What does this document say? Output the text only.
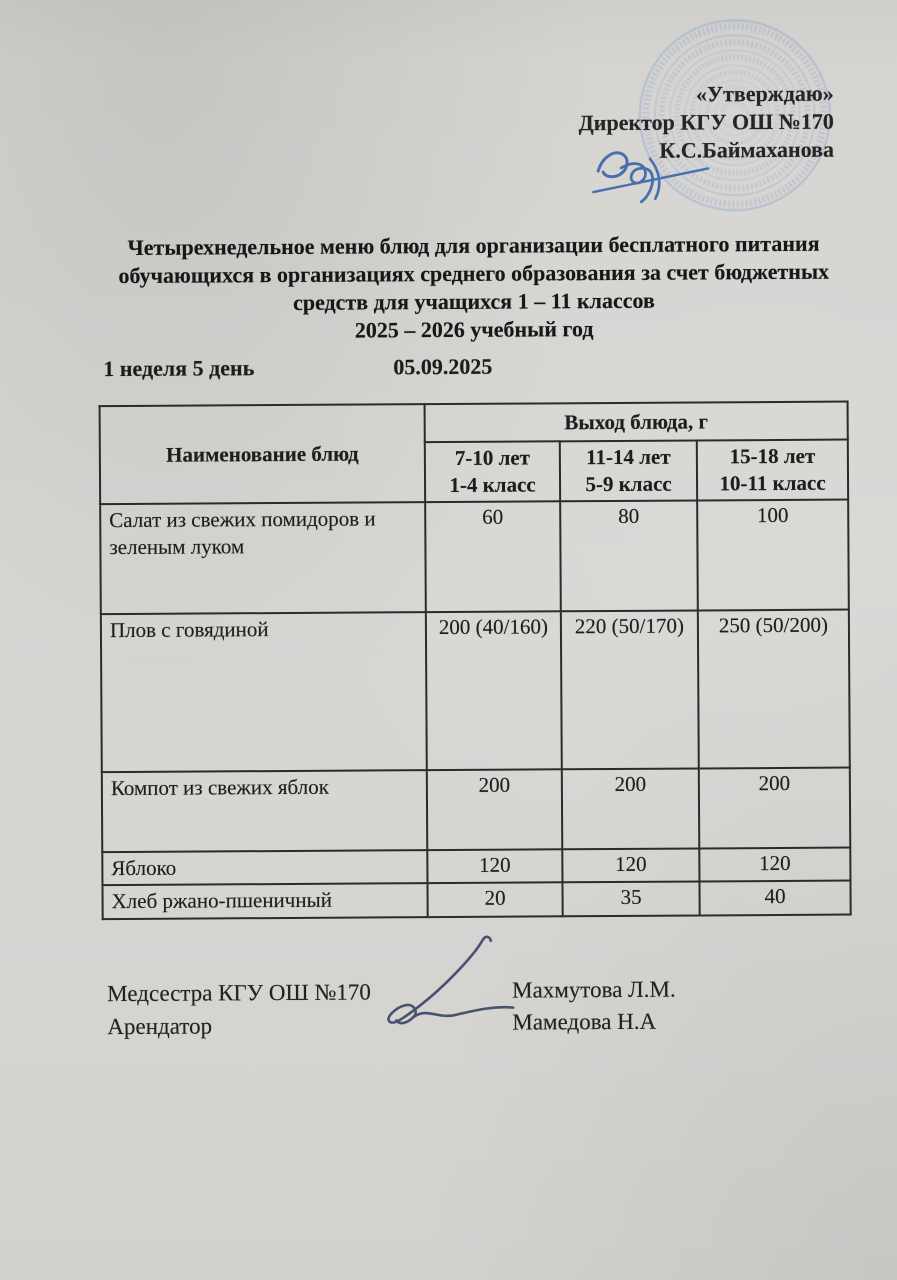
«Утверждаю»
Директор КГУ ОШ №170
К.С.Баймаханова
Четырехнедельное меню блюд для организации бесплатного питания
обучающихся в организациях среднего образования за счет бюджетных
средств для учащихся 1 – 11 классов
2025 – 2026 учебный год
1 неделя 5 день	05.09.2025
Наименование блюд	Выход блюда, г		

7-10 лет
1-4 класс

11-14 лет
5-9 класс

15-18 лет
10-11 класс

Салат из свежих помидоров и зеленым луком	60	80	100
Плов с говядиной	200 (40/160)	220 (50/170)	250 (50/200)
Компот из свежих яблок	200	200	200
Яблоко	120	120	120
Хлеб ржано-пшеничный	20	35	40
Медсестра КГУ ОШ №170
Арендатор
Махмутова Л.М.
Мамедова Н.А
